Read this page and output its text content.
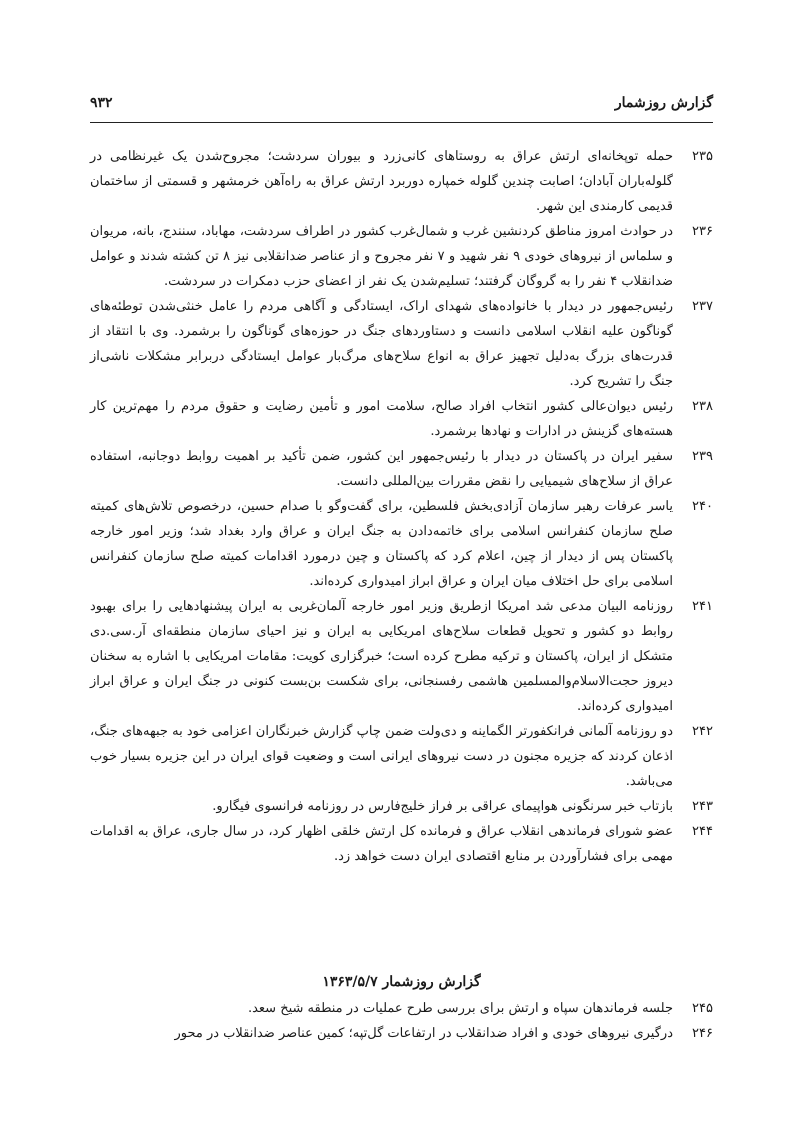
گزارش روزشمار
۹۳۲
۲۳۵
حمله توپخانه‌ای ارتش عراق به روستاهای کانی‌زرد و بیوران سردشت؛ مجروح‌شدن یک غیرنظامی در گلوله‌باران آبادان؛ اصابت چندین گلوله خمپاره دوربرد ارتش عراق به راه‌آهن خرمشهر و قسمتی از ساختمان قدیمی کارمندی این شهر.
۲۳۶
در حوادث امروز مناطق کردنشین غرب و شمال‌غرب کشور در اطراف سردشت، مهاباد، سنندج، بانه، مریوان و سلماس از نیروهای خودی ۹ نفر شهید و ۷ نفر مجروح و از عناصر ضدانقلابی نیز ۸ تن کشته شدند و عوامل ضدانقلاب ۴ نفر را به گروگان گرفتند؛ تسلیم‌شدن یک نفر از اعضای حزب دمکرات در سردشت.
۲۳۷
رئیس‌جمهور در دیدار با خانواده‌های شهدای اراک، ایستادگی و آگاهی مردم را عامل خنثی‌شدن توطئه‌های گوناگون علیه انقلاب اسلامی دانست و دستاوردهای جنگ در حوزه‌های گوناگون را برشمرد. وی با انتقاد از قدرت‌های بزرگ به‌دلیل تجهیز عراق به انواع سلاح‌های مرگ‌بار عوامل ایستادگی دربرابر مشکلات ناشی‌از جنگ را تشریح کرد.
۲۳۸
رئیس دیوان‌عالی کشور انتخاب افراد صالح، سلامت امور و تأمین رضایت و حقوق مردم را مهم‌ترین کار هسته‌های گزینش در ادارات و نهادها برشمرد.
۲۳۹
سفیر ایران در پاکستان در دیدار با رئیس‌جمهور این کشور، ضمن تأکید بر اهمیت روابط دوجانبه، استفاده عراق از سلاح‌های شیمیایی را نقض مقررات بین‌المللی دانست.
۲۴۰
یاسر عرفات رهبر سازمان آزادی‌بخش فلسطین، برای گفت‌وگو با صدام حسین، درخصوص تلاش‌های کمیته صلح سازمان کنفرانس اسلامی برای خاتمه‌دادن به جنگ ایران و عراق وارد بغداد شد؛ وزیر امور خارجه پاکستان پس از دیدار از چین، اعلام کرد که پاکستان و چین درمورد اقدامات کمیته صلح سازمان کنفرانس اسلامی برای حل اختلاف میان ایران و عراق ابراز امیدواری کرده‌اند.
۲۴۱
روزنامه البیان مدعی شد امریکا ازطریق وزیر امور خارجه آلمان‌غربی به ایران پیشنهادهایی را برای بهبود روابط دو کشور و تحویل قطعات سلاح‌های امریکایی به ایران و نیز احیای سازمان منطقه‌ای آر.سی.دی متشکل از ایران، پاکستان و ترکیه مطرح کرده است؛ خبرگزاری کویت: مقامات امریکایی با اشاره به سخنان دیروز حجت‌الاسلام‌والمسلمین هاشمی رفسنجانی، برای شکست بن‌بست کنونی در جنگ ایران و عراق ابراز امیدواری کرده‌اند.
۲۴۲
دو روزنامه آلمانی فرانکفورتر الگماینه و دی‌ولت ضمن چاپ گزارش خبرنگاران اعزامی خود به جبهه‌های جنگ، اذعان کردند که جزیره مجنون در دست نیروهای ایرانی است و وضعیت قوای ایران در این جزیره بسیار خوب می‌باشد.
۲۴۳
بازتاب خبر سرنگونی هواپیمای عراقی بر فراز خلیج‌فارس در روزنامه فرانسوی فیگارو.
۲۴۴
عضو شورای فرماندهی انقلاب عراق و فرمانده کل ارتش خلقی اظهار کرد، در سال جاری، عراق به اقدامات مهمی برای فشارآوردن بر منابع اقتصادی ایران دست خواهد زد.
گزارش روزشمار ۱۳۶۳/۵/۷
۲۴۵
جلسه فرماندهان سپاه و ارتش برای بررسی طرح عملیات در منطقه شیخ سعد.
۲۴۶
درگیری نیروهای خودی و افراد ضدانقلاب در ارتفاعات گل‌تپه؛ کمین عناصر ضدانقلاب در محور
